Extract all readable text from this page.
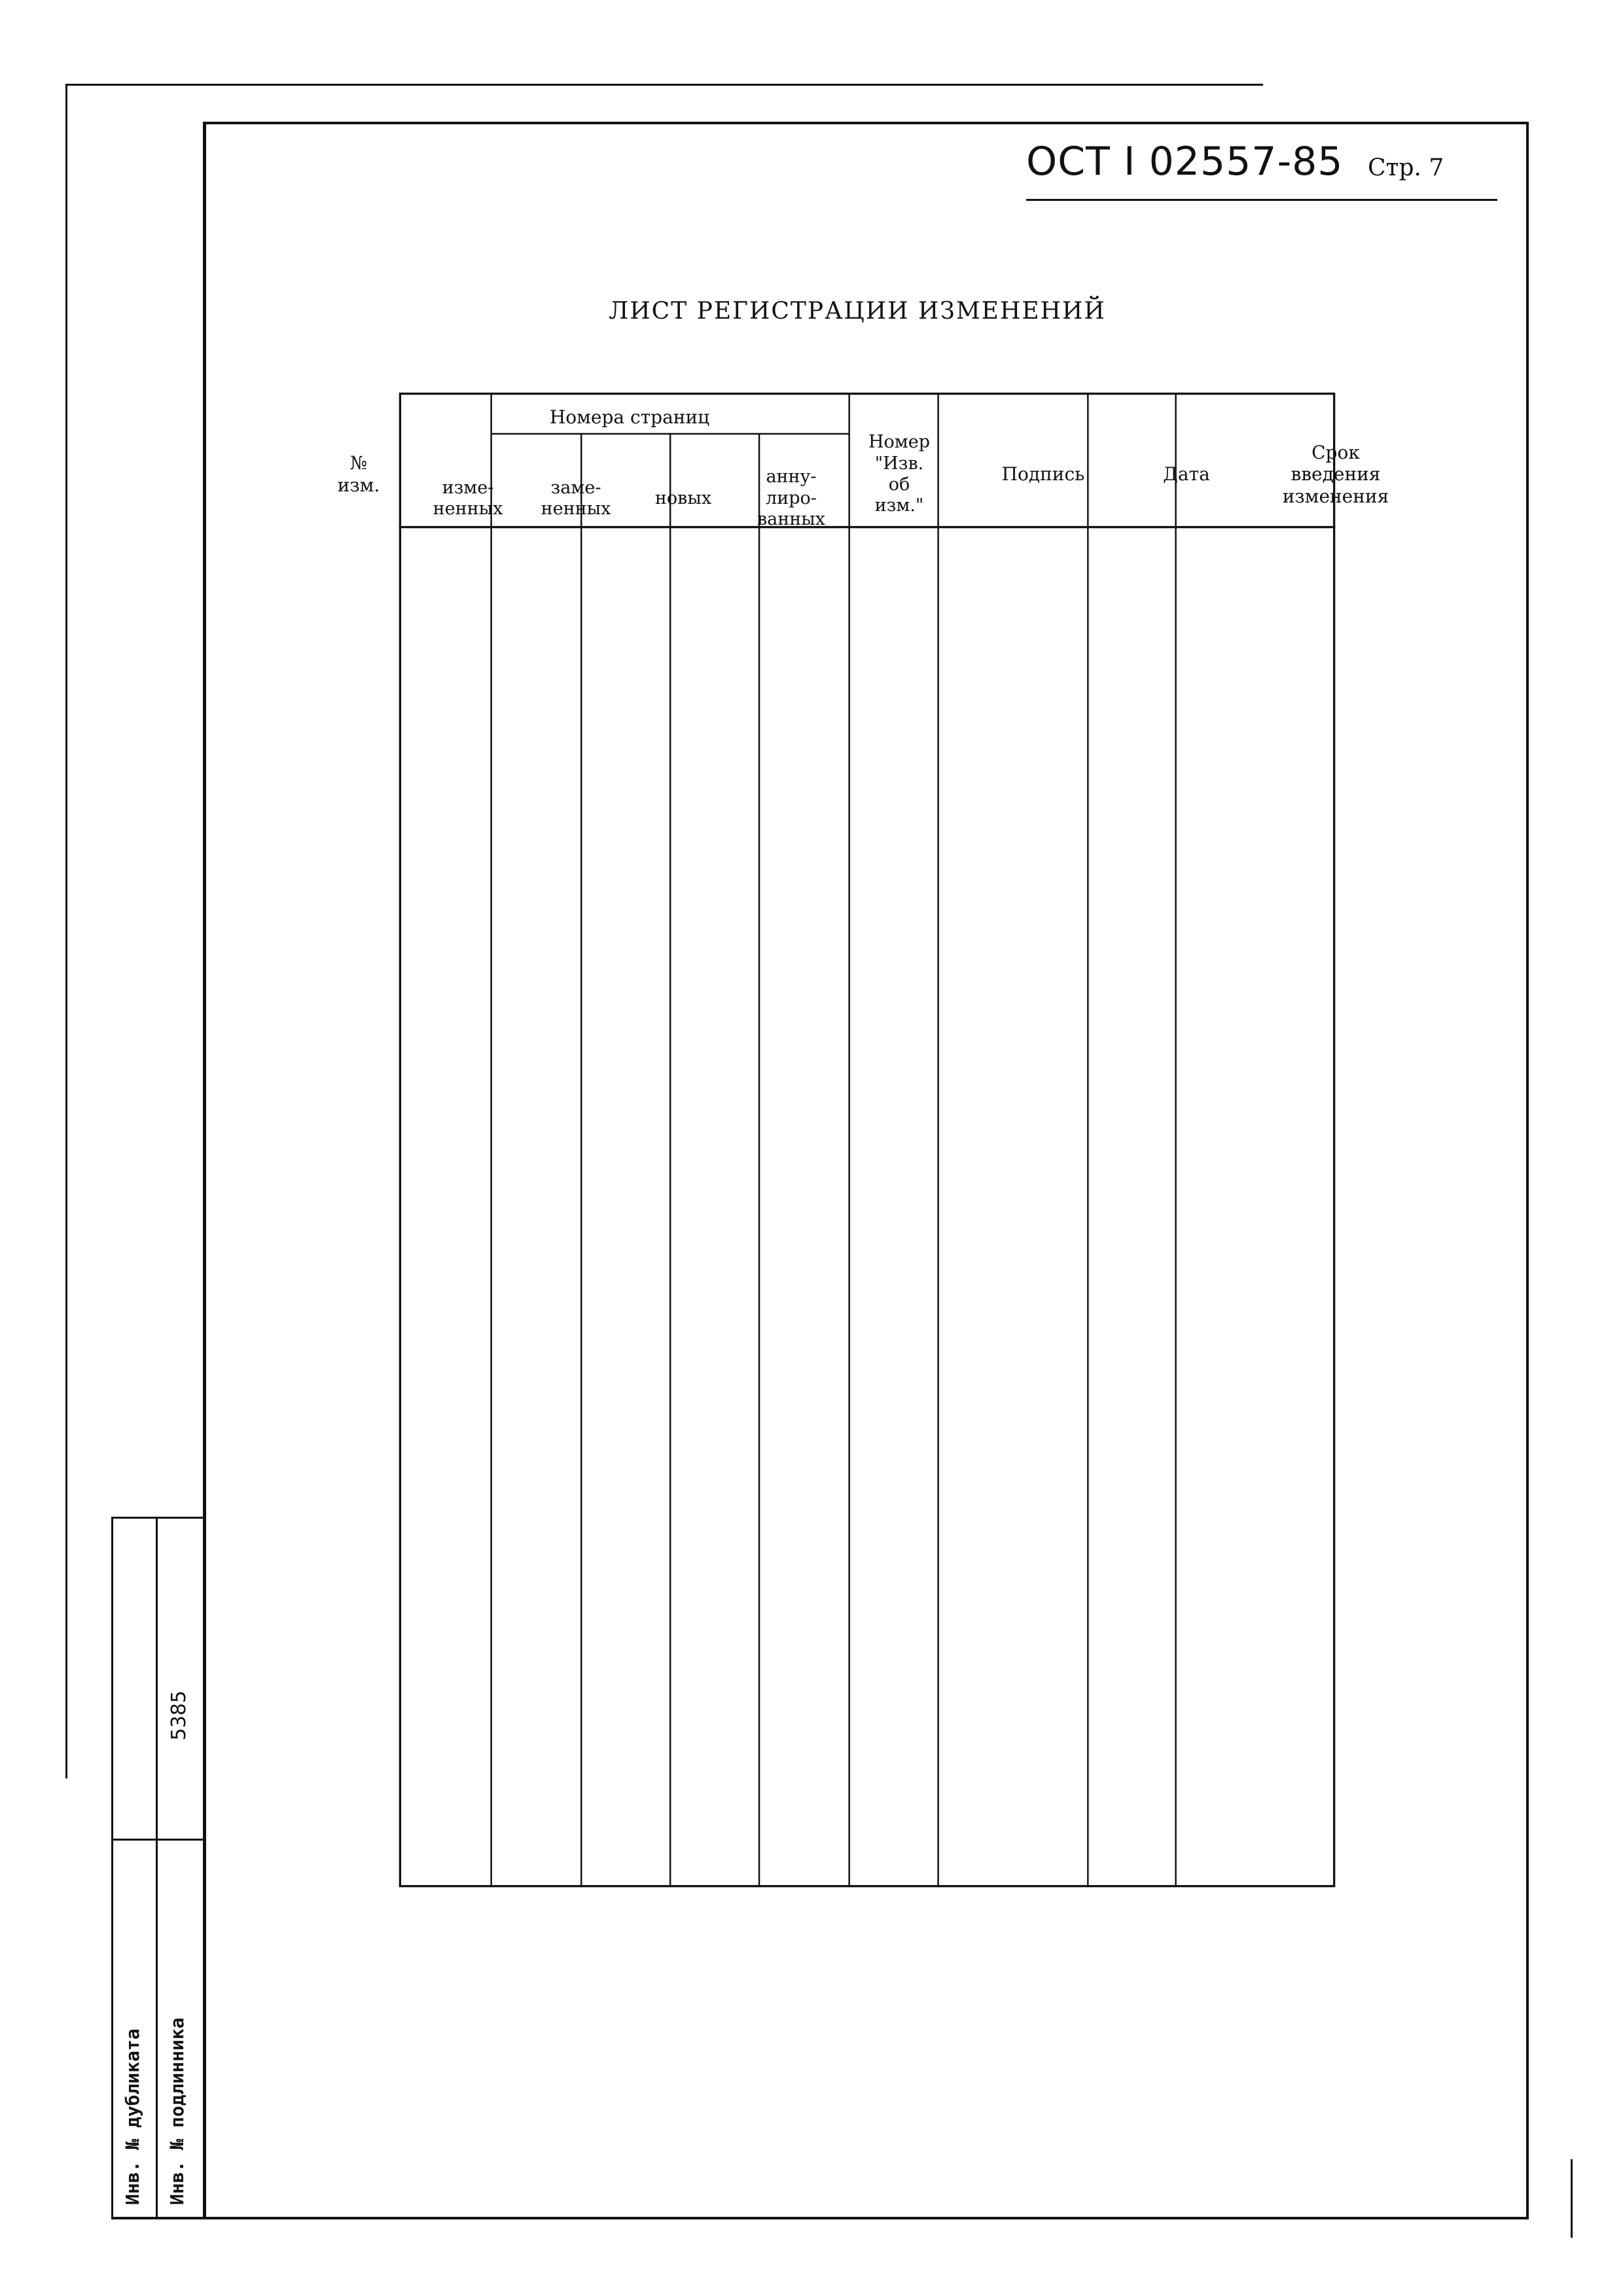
ОСТ I 02557-85 Стр. 7
ЛИСТ РЕГИСТРАЦИИ ИЗМЕНЕНИЙ
№
изм.
Номера страниц
изме-
ненных
заме-
ненных
новых
анну-
лиро-
ванных
Номер
"Изв.
об
изм."
Подпись	Дата
Срок
введения
изменения
Инв. № дубликата Инв. № подлинника
5385
